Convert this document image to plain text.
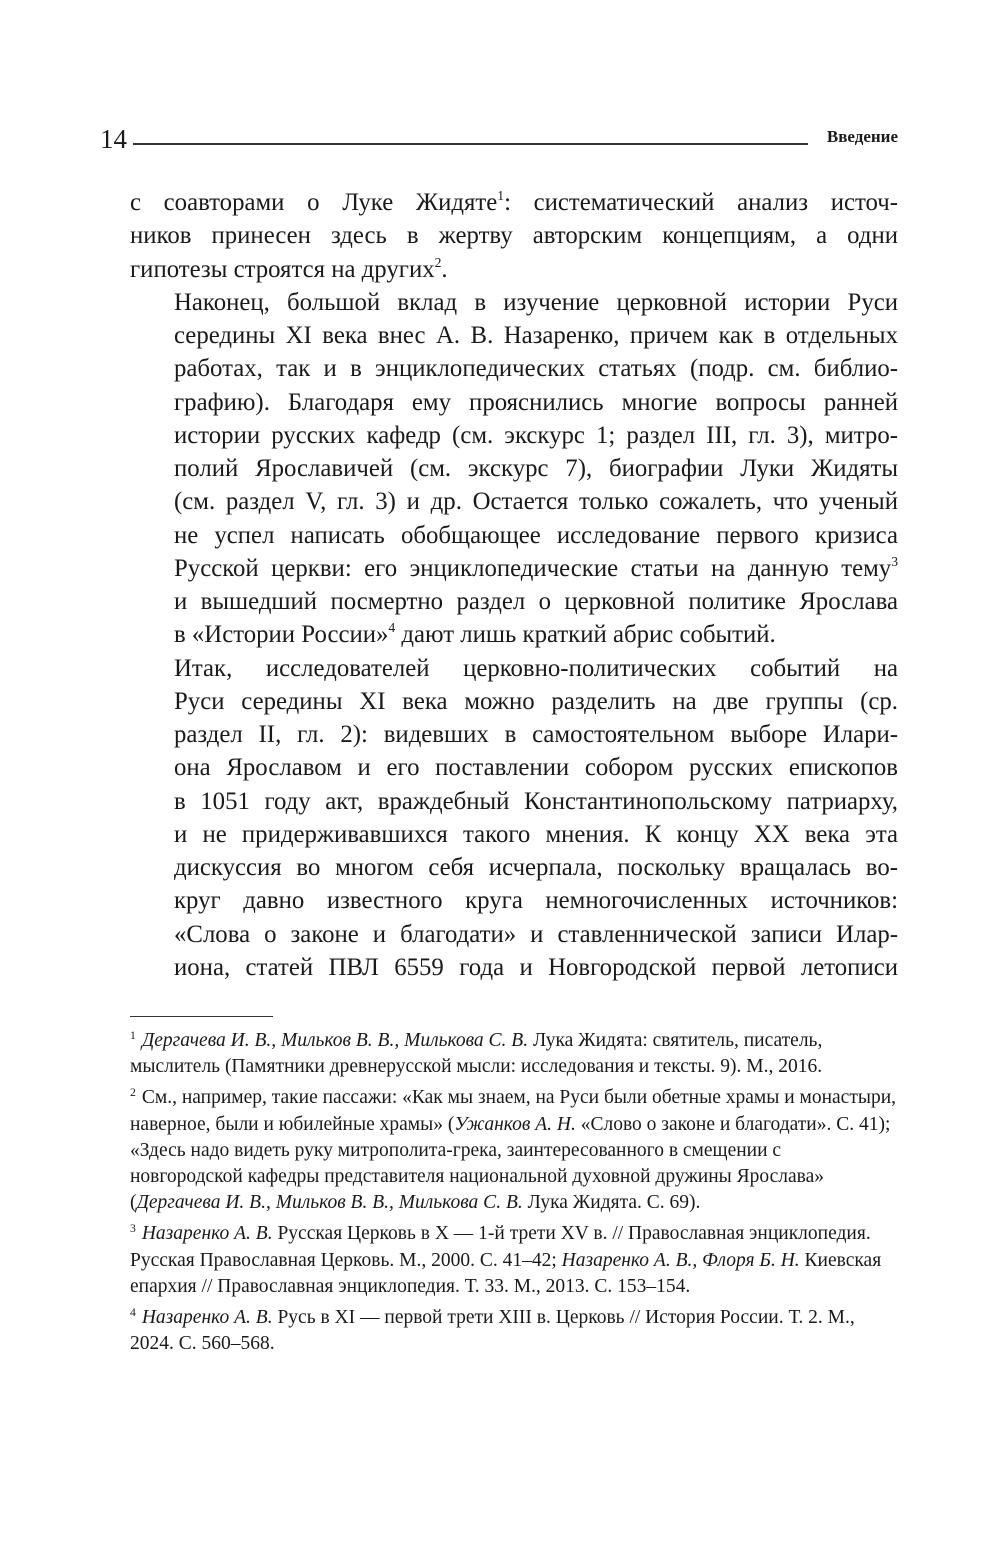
14	Введение

с соавторами о Луке Жидяте$^1$: систематический анализ источ-
ников принесен здесь в жертву авторским концепциям, а одни
гипотезы строятся на других$^2$.

Наконец, большой вклад в изучение церковной истории Руси
середины XI века внес А. В. Назаренко, причем как в отдельных
работах, так и в энциклопедических статьях (подр. см. библио-
графию). Благодаря ему прояснились многие вопросы ранней
истории русских кафедр (см. экскурс 1; раздел III, гл. 3), митро-
полий Ярославичей (см. экскурс 7), биографии Луки Жидяты
(см. раздел V, гл. 3) и др. Остается только сожалеть, что ученый
не успел написать обобщающее исследование первого кризиса
Русской церкви: его энциклопедические статьи на данную тему$^3$
и вышедший посмертно раздел о церковной политике Ярослава
в «Истории России»$^4$ дают лишь краткий абрис событий.

Итак, исследователей церковно-политических событий на
Руси середины XI века можно разделить на две группы (ср.
раздел II, гл. 2): видевших в самостоятельном выборе Илари-
она Ярославом и его поставлении собором русских епископов
в 1051 году акт, враждебный Константинопольскому патриарху,
и не придерживавшихся такого мнения. К концу XX века эта
дискуссия во многом себя исчерпала, поскольку вращалась во-
круг давно известного круга немногочисленных источников:
«Слова о законе и благодати» и ставленнической записи Илар-
иона, статей ПВЛ 6559 года и Новгородской первой летописи

$^1$ Дергачева И. В., Мильков В. В., Милькова С. В. Лука Жидята: святитель, писатель, мыслитель (Памятники древнерусской мысли: исследования и тексты. 9). М., 2016.

$^2$ См., например, такие пассажи: «Как мы знаем, на Руси были обетные храмы и монастыри, наверное, были и юбилейные храмы» (Ужанков А. Н. «Слово о законе и благодати». С. 41); «Здесь надо видеть руку митрополита-грека, заинтересованного в смещении с новгородской кафедры представителя национальной духовной дружины Ярослава» (Дергачева И. В., Мильков В. В., Милькова С. В. Лука Жидята. С. 69).

$^3$ Назаренко А. В. Русская Церковь в X — 1-й трети XV в. // Православная энциклопедия. Русская Православная Церковь. М., 2000. С. 41–42; Назаренко А. В., Флоря Б. Н. Киевская епархия // Православная энциклопедия. Т. 33. М., 2013. С. 153–154.

$^4$ Назаренко А. В. Русь в XI — первой трети XIII в. Церковь // История России. Т. 2. М., 2024. С. 560–568.
